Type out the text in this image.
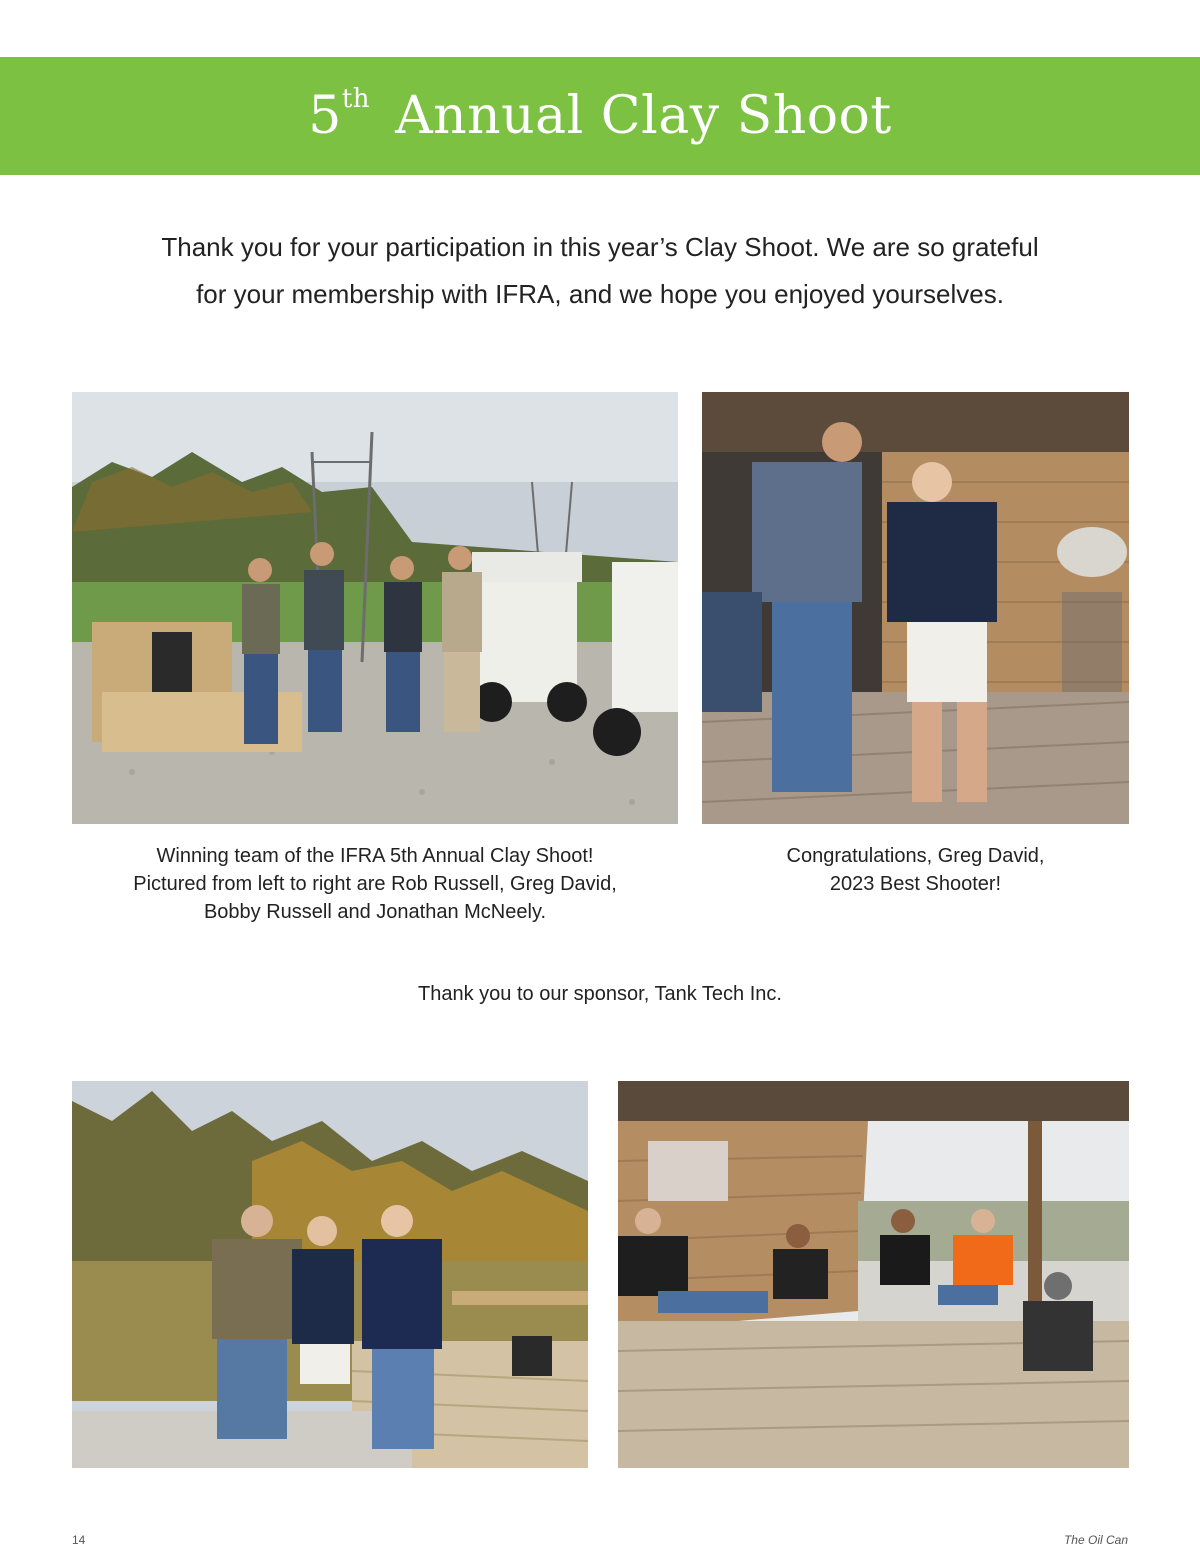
5th Annual Clay Shoot
Thank you for your participation in this year’s Clay Shoot. We are so grateful
for your membership with IFRA, and we hope you enjoyed yourselves.
Winning team of the IFRA 5th Annual Clay Shoot!
Pictured from left to right are Rob Russell, Greg David,
Bobby Russell and Jonathan McNeely.
Congratulations, Greg David,
2023 Best Shooter!
Thank you to our sponsor, Tank Tech Inc.
14	The Oil Can
